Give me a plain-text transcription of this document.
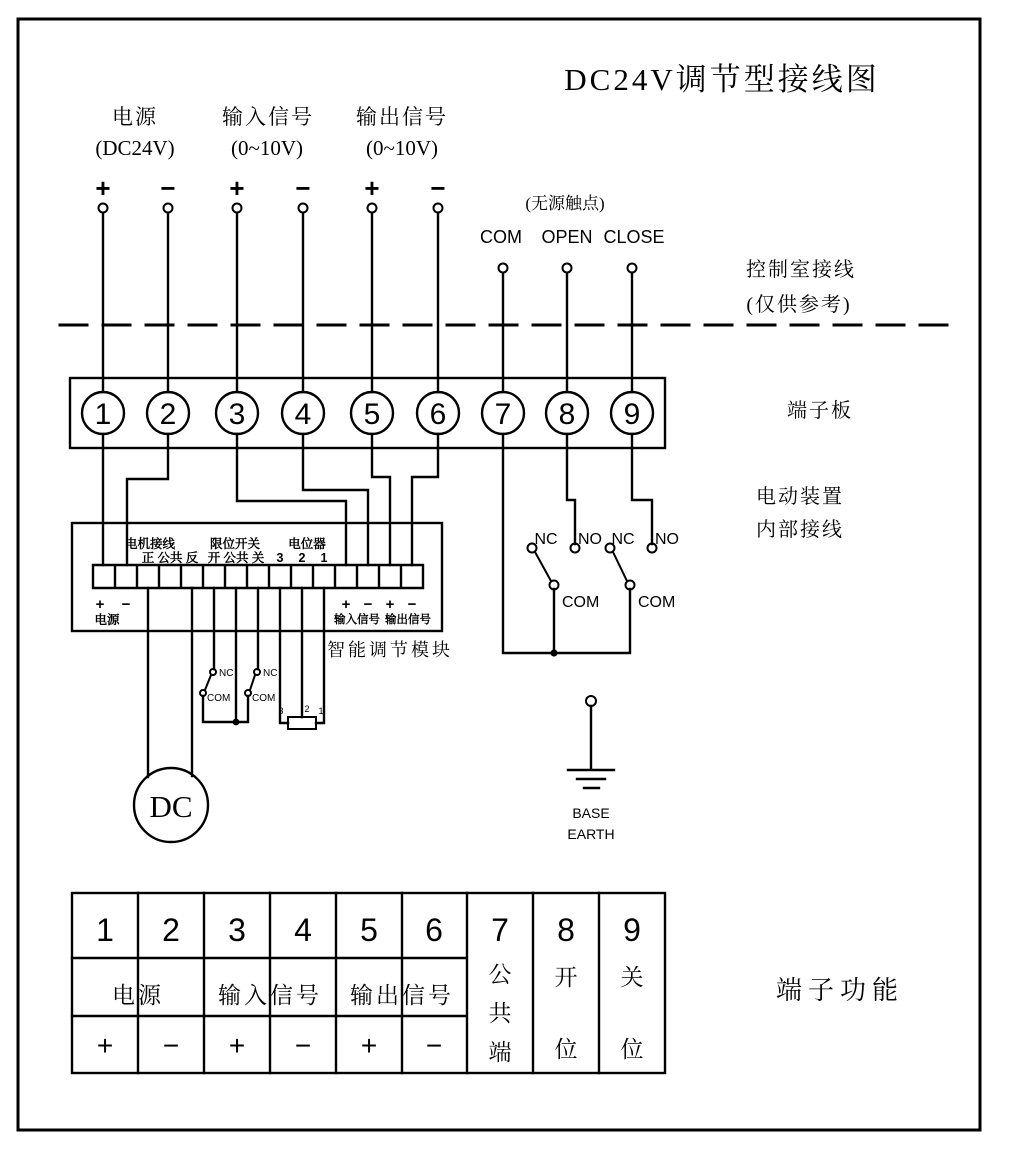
DC24V调节型接线图
电源
(DC24V)
输入信号
(0~10V)
输出信号
(0~10V)
+ − + − + −
(无源触点)
COM OPEN CLOSE
控制室接线
(仅供参考)
端子板
电动装置
内部接线
1 2 3 4 5 6 7 8 9
NC NO NC NO
COM COM
电机接线	限位开关 电位器
正 公共 反 开 公共 关 3 2 1
+ −
电源
+ − + −
输入信号 输出信号
智能调节模块
NC
COM
NC
COM
3 2 1
DC	BASE
EARTH
1 2 3 4 5 6 7 8 9
电源 输入信号 输出信号
+ − + − + −
公
共
端
开
位
关
位
端子功能
